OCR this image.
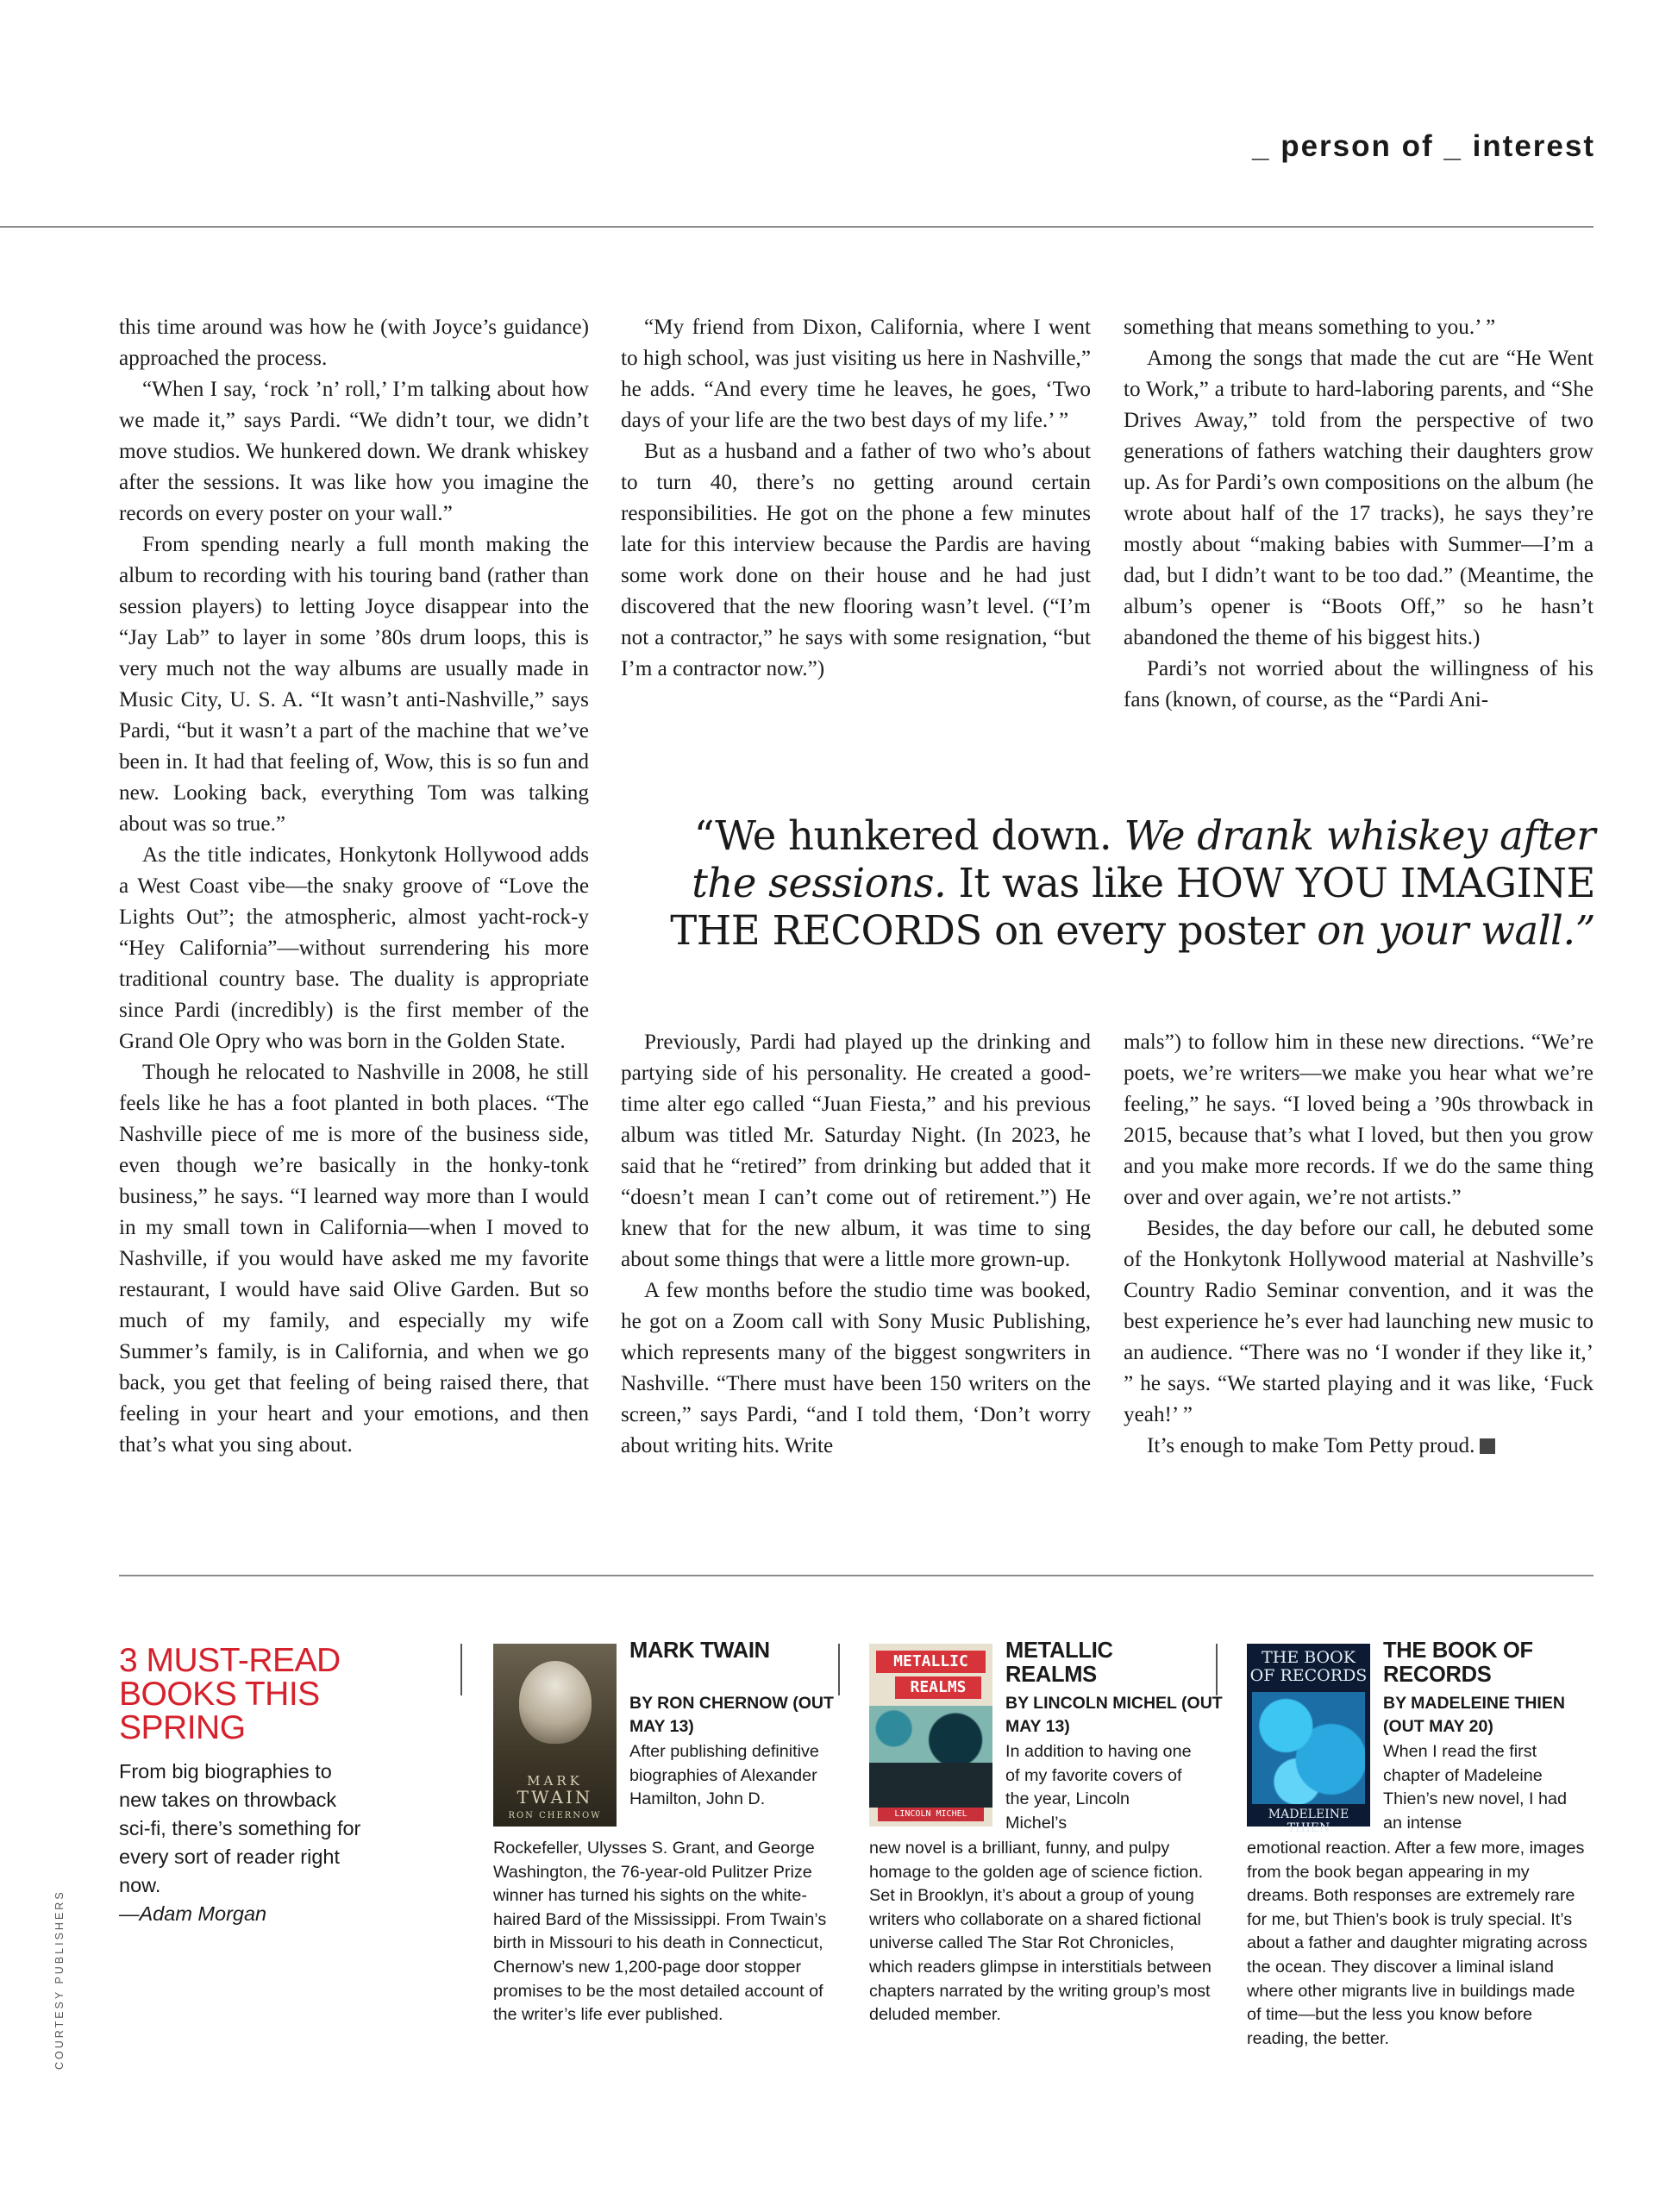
_ person of _ interest

this time around was how he (with Joyce’s guidance) approached the process.

“When I say, ‘rock ’n’ roll,’ I’m talking about how we made it,” says Pardi. “We didn’t tour, we didn’t move studios. We hunkered down. We drank whiskey after the sessions. It was like how you imagine the records on every poster on your wall.”

From spending nearly a full month making the album to recording with his touring band (rather than session players) to letting Joyce disappear into the “Jay Lab” to layer in some ’80s drum loops, this is very much not the way albums are usually made in Music City, U. S. A. “It wasn’t anti-Nashville,” says Pardi, “but it wasn’t a part of the machine that we’ve been in. It had that feeling of, Wow, this is so fun and new. Looking back, everything Tom was talking about was so true.”

As the title indicates, Honkytonk Hollywood adds a West Coast vibe—the snaky groove of “Love the Lights Out”; the atmospheric, almost yacht-rock-y “Hey California”—without surrendering his more traditional country base. The duality is appropriate since Pardi (incredibly) is the first member of the Grand Ole Opry who was born in the Golden State.

Though he relocated to Nashville in 2008, he still feels like he has a foot planted in both places. “The Nashville piece of me is more of the business side, even though we’re basically in the honky-tonk business,” he says. “I learned way more than I would in my small town in California—when I moved to Nashville, if you would have asked me my favorite restaurant, I would have said Olive Garden. But so much of my family, and especially my wife Summer’s family, is in California, and when we go back, you get that feeling of being raised there, that feeling in your heart and your emotions, and then that’s what you sing about.

“My friend from Dixon, California, where I went to high school, was just visiting us here in Nashville,” he adds. “And every time he leaves, he goes, ‘Two days of your life are the two best days of my life.’ ”

But as a husband and a father of two who’s about to turn 40, there’s no getting around certain responsibilities. He got on the phone a few minutes late for this interview because the Pardis are having some work done on their house and he had just discovered that the new flooring wasn’t level. (“I’m not a contractor,” he says with some resignation, “but I’m a contractor now.”)

something that means something to you.’ ”

Among the songs that made the cut are “He Went to Work,” a tribute to hard-laboring parents, and “She Drives Away,” told from the perspective of two generations of fathers watching their daughters grow up. As for Pardi’s own compositions on the album (he wrote about half of the 17 tracks), he says they’re mostly about “making babies with Summer—I’m a dad, but I didn’t want to be too dad.” (Meantime, the album’s opener is “Boots Off,” so he hasn’t abandoned the theme of his biggest hits.)

Pardi’s not worried about the willingness of his fans (known, of course, as the “Pardi Ani-

“We hunkered down. We drank whiskey after the sessions. It was like HOW YOU IMAGINE THE RECORDS on every poster on your wall.”

Previously, Pardi had played up the drinking and partying side of his personality. He created a good-time alter ego called “Juan Fiesta,” and his previous album was titled Mr. Saturday Night. (In 2023, he said that he “retired” from drinking but added that it “doesn’t mean I can’t come out of retirement.”) He knew that for the new album, it was time to sing about some things that were a little more grown-up.

A few months before the studio time was booked, he got on a Zoom call with Sony Music Publishing, which represents many of the biggest songwriters in Nashville. “There must have been 150 writers on the screen,” says Pardi, “and I told them, ‘Don’t worry about writing hits. Write

mals”) to follow him in these new directions. “We’re poets, we’re writers—we make you hear what we’re feeling,” he says. “I loved being a ’90s throwback in 2015, because that’s what I loved, but then you grow and you make more records. If we do the same thing over and over again, we’re not artists.”

Besides, the day before our call, he debuted some of the Honkytonk Hollywood material at Nashville’s Country Radio Seminar convention, and it was the best experience he’s ever had launching new music to an audience. “There was no ‘I wonder if they like it,’ ” he says. “We started playing and it was like, ‘Fuck yeah!’ ”

It’s enough to make Tom Petty proud.

3 MUST-READ BOOKS THIS SPRING
From big biographies to new takes on throwback sci-fi, there’s something for every sort of reader right now.
—Adam Morgan
COURTESY PUBLISHERS
MARK
TWAIN
RON CHERNOW
MARK TWAIN
BY RON CHERNOW (OUT MAY 13)
After publishing definitive biographies of Alexander Hamilton, John D.
Rockefeller, Ulysses S. Grant, and George Washington, the 76-year-old Pulitzer Prize winner has turned his sights on the white-haired Bard of the Mississippi. From Twain’s birth in Missouri to his death in Connecticut, Chernow’s new 1,200-page door stopper promises to be the most detailed account of the writer’s life ever published.
METALLIC
REALMS
LINCOLN MICHEL
METALLIC REALMS
BY LINCOLN MICHEL (OUT MAY 13)
In addition to having one of my favorite covers of the year, Lincoln Michel’s
new novel is a brilliant, funny, and pulpy homage to the golden age of science fiction. Set in Brooklyn, it’s about a group of young writers who collaborate on a shared fictional universe called The Star Rot Chronicles, which readers glimpse in interstitials between chapters narrated by the writing group’s most deluded member.
THE BOOK OF RECORDS
MADELEINE THIEN
THE BOOK OF RECORDS
BY MADELEINE THIEN (OUT MAY 20)
When I read the first chapter of Madeleine Thien’s new novel, I had an intense
emotional reaction. After a few more, images from the book began appearing in my dreams. Both responses are extremely rare for me, but Thien’s book is truly special. It’s about a father and daughter migrating across the ocean. They discover a liminal island where other migrants live in buildings made of time—but the less you know before reading, the better.
